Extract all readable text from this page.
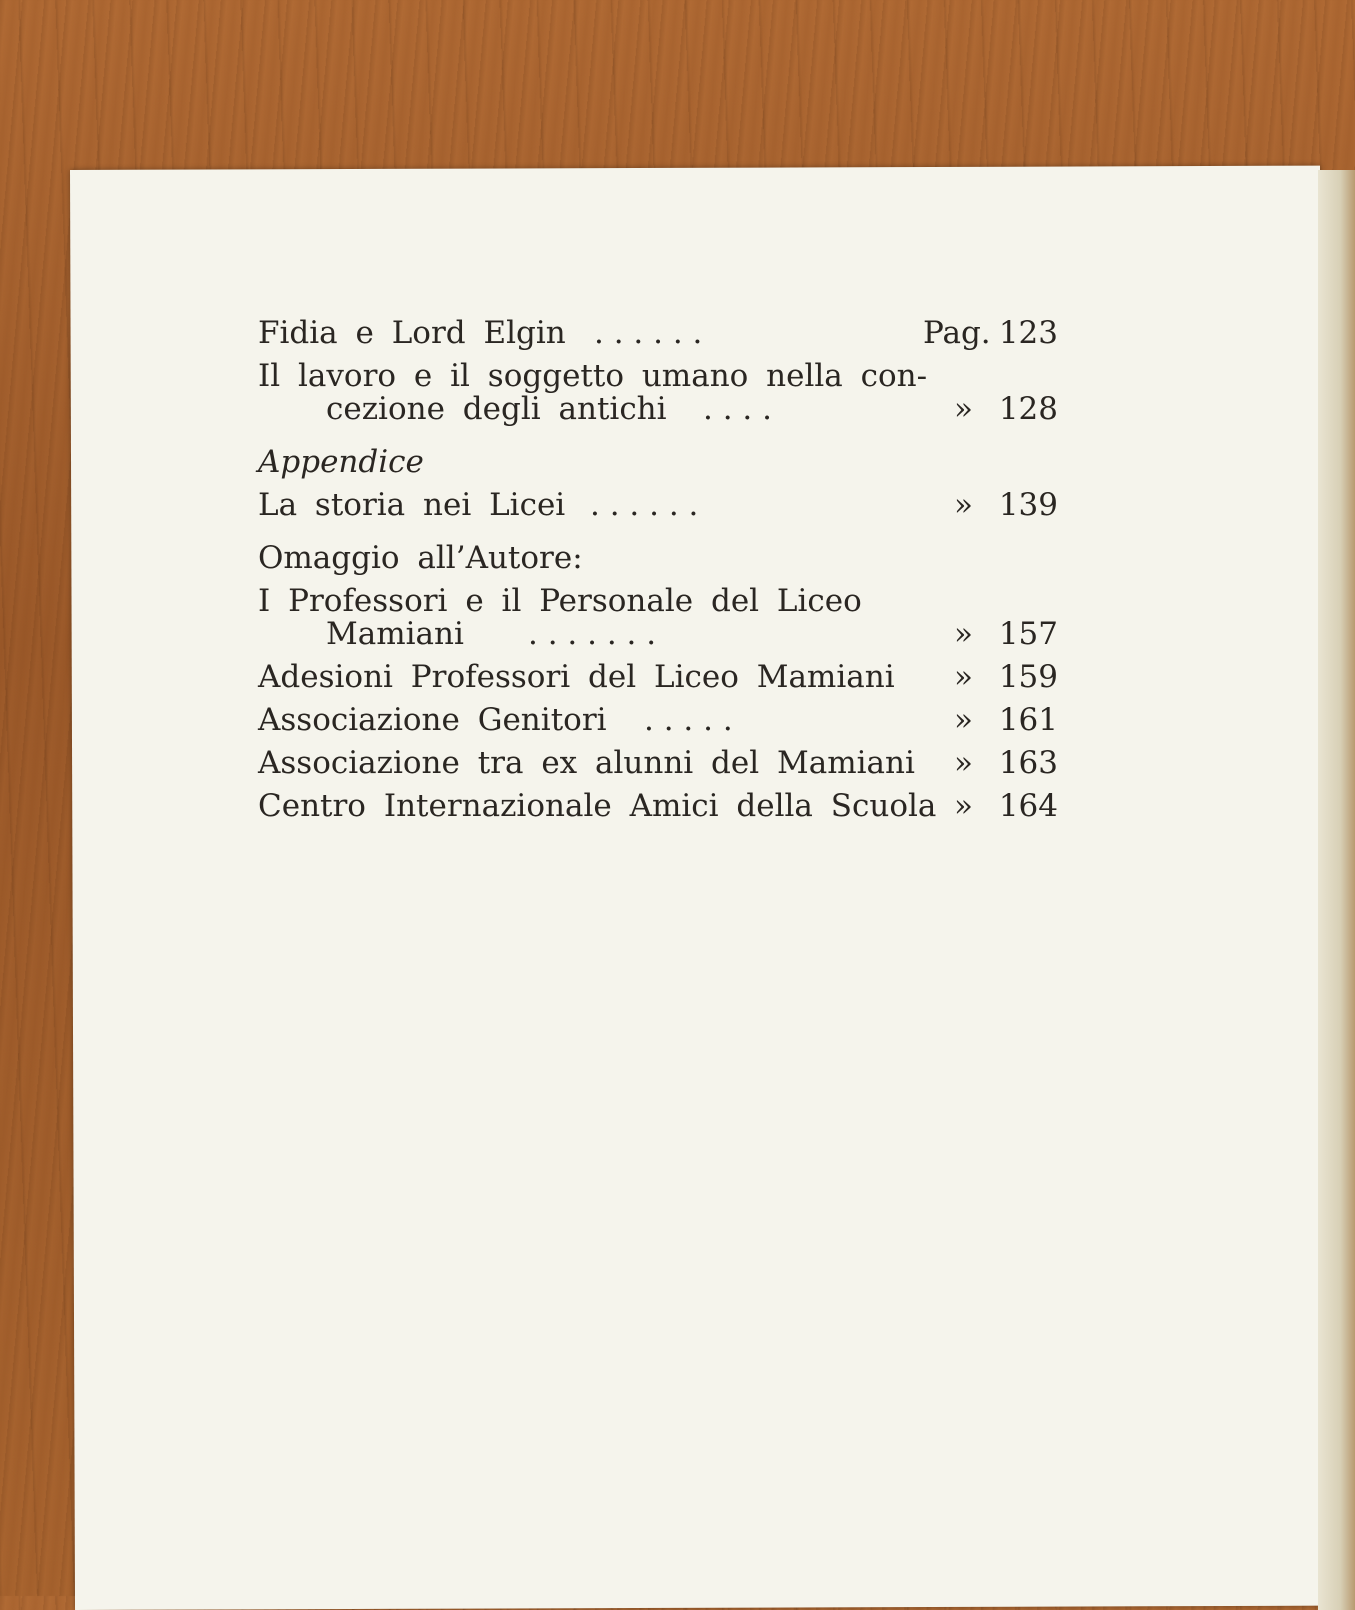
Fidia e Lord Elgin . . . . . .	Pag. 123
Il lavoro e il soggetto umano nella con-
cezione degli antichi . . . .	» 128
Appendice
La storia nei Licei . . . . . .	» 139
Omaggio all’Autore:
I Professori e il Personale del Liceo
Mamiani . . . . . . .	» 157
Adesioni Professori del Liceo Mamiani » 159
Associazione Genitori . . . . .	» 161
Associazione tra ex alunni del Mamiani » 163
Centro Internazionale Amici della Scuola » 164
